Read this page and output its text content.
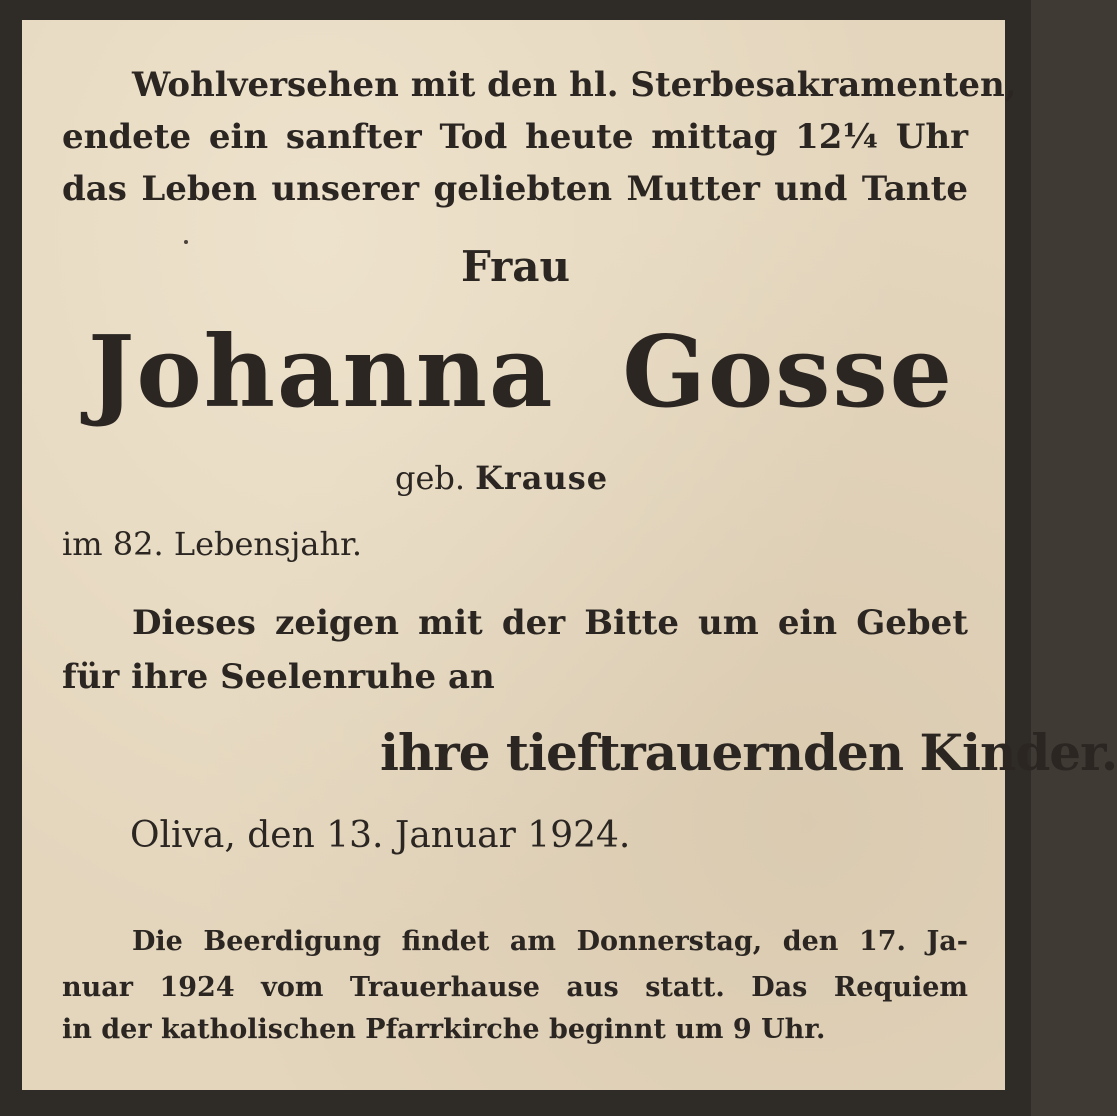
Wohlversehen mit den hl. Sterbesakramenten,

endete ein sanfter Tod heute mittag 12¼ Uhr

das Leben unserer geliebten Mutter und Tante

Frau

Johanna Gosse

geb. Krause

im 82. Lebensjahr.

Dieses zeigen mit der Bitte um ein Gebet

für ihre Seelenruhe an

ihre tieftrauernden Kinder.

Oliva, den 13. Januar 1924.

Die Beerdigung findet am Donnerstag, den 17. Ja-

nuar 1924 vom Trauerhause aus statt. Das Requiem

in der katholischen Pfarrkirche beginnt um 9 Uhr.
